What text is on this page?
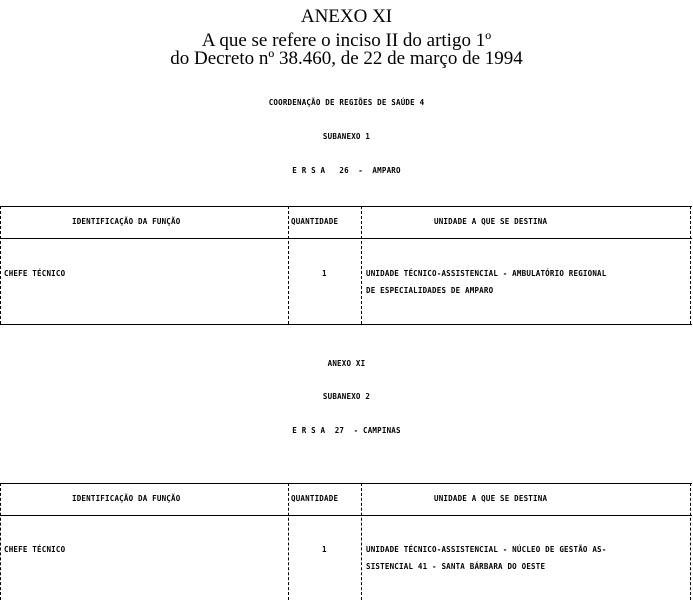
ANEXO XI
A que se refere o inciso II do artigo 1º
do Decreto nº 38.460, de 22 de março de 1994
COORDENAÇÃO DE REGIÕES DE SAÚDE 4
SUBANEXO 1
E R S A   26  -  AMPARO
IDENTIFICAÇÃO DA FUNÇÃO	QUANTIDADE	UNIDADE A QUE SE DESTINA
CHEFE TÉCNICO	1	UNIDADE TÉCNICO-ASSISTENCIAL - AMBULATÓRIO REGIONAL
DE ESPECIALIDADES DE AMPARO
ANEXO XI
SUBANEXO 2
E R S A  27  - CAMPINAS
IDENTIFICAÇÃO DA FUNÇÃO	QUANTIDADE	UNIDADE A QUE SE DESTINA
CHEFE TÉCNICO	1	UNIDADE TÉCNICO-ASSISTENCIAL - NÚCLEO DE GESTÃO AS-
SISTENCIAL 41 - SANTA BÁRBARA DO OESTE
